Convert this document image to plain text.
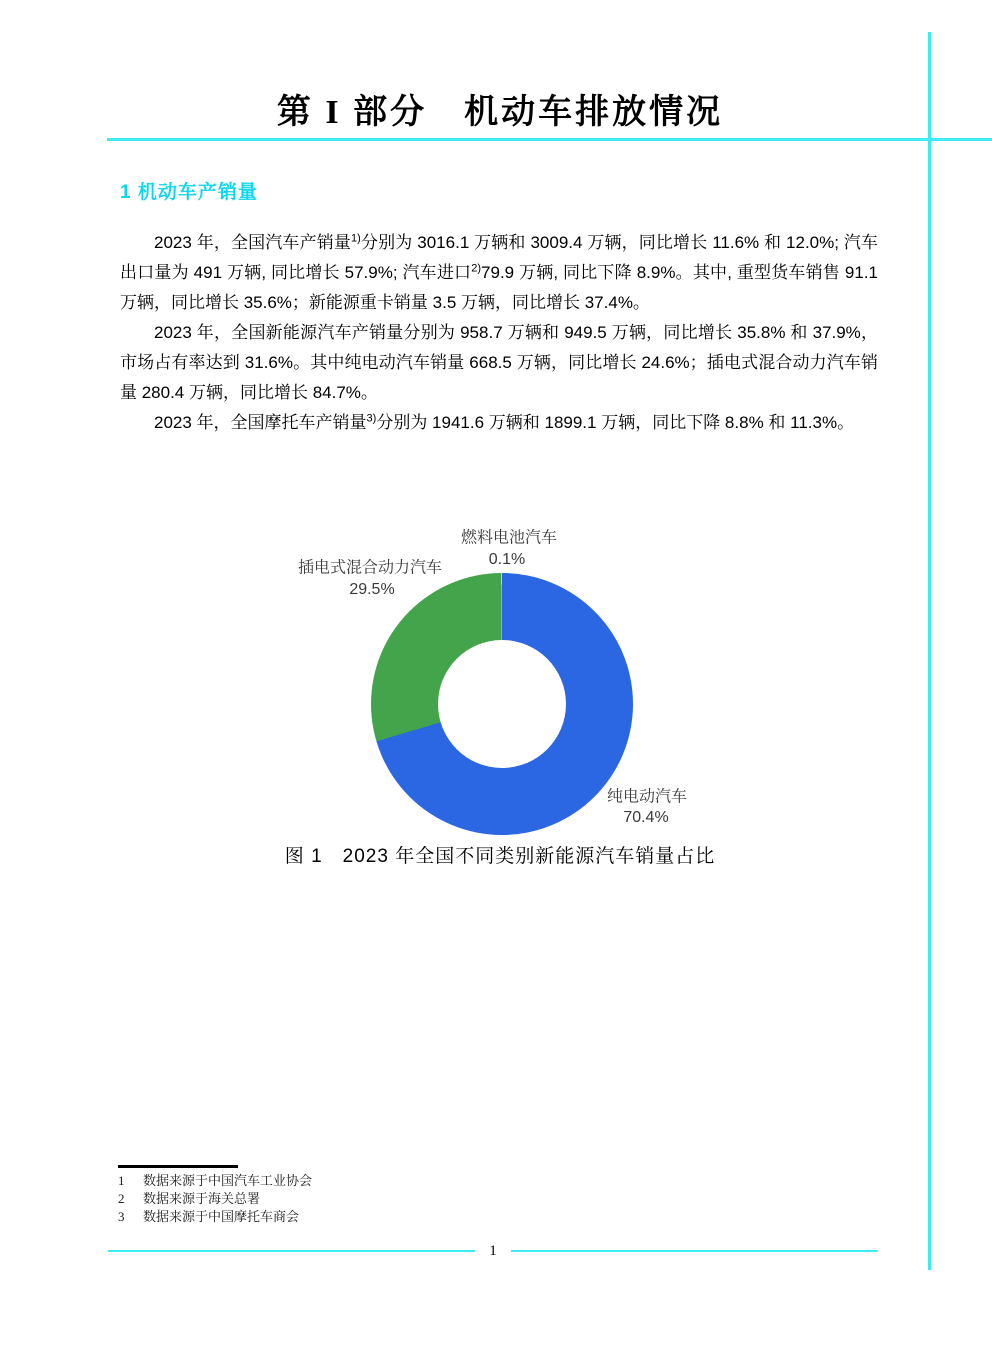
第 I 部分　机动车排放情况
1 机动车产销量

2023 年，全国汽车产销量$^{1)}$分别为 3016.1 万辆和 3009.4 万辆，同比增长 11.6% 和 12.0%; 汽车出口量为 491 万辆, 同比增长 57.9%; 汽车进口$^{2)}$79.9 万辆, 同比下降 8.9%。其中, 重型货车销售 91.1 万辆，同比增长 35.6%；新能源重卡销量 3.5 万辆，同比增长 37.4%。

2023 年，全国新能源汽车产销量分别为 958.7 万辆和 949.5 万辆，同比增长 35.8% 和 37.9%，市场占有率达到 31.6%。其中纯电动汽车销量 668.5 万辆，同比增长 24.6%；插电式混合动力汽车销量 280.4 万辆，同比增长 84.7%。

2023 年，全国摩托车产销量$^{3)}$分别为 1941.6 万辆和 1899.1 万辆，同比下降 8.8% 和 11.3%。

燃料电池汽车
0.1%
插电式混合动力汽车
29.5%
纯电动汽车
70.4%

图 1　2023 年全国不同类别新能源汽车销量占比

1	数据来源于中国汽车工业协会
2	数据来源于海关总署
3	数据来源于中国摩托车商会
1
